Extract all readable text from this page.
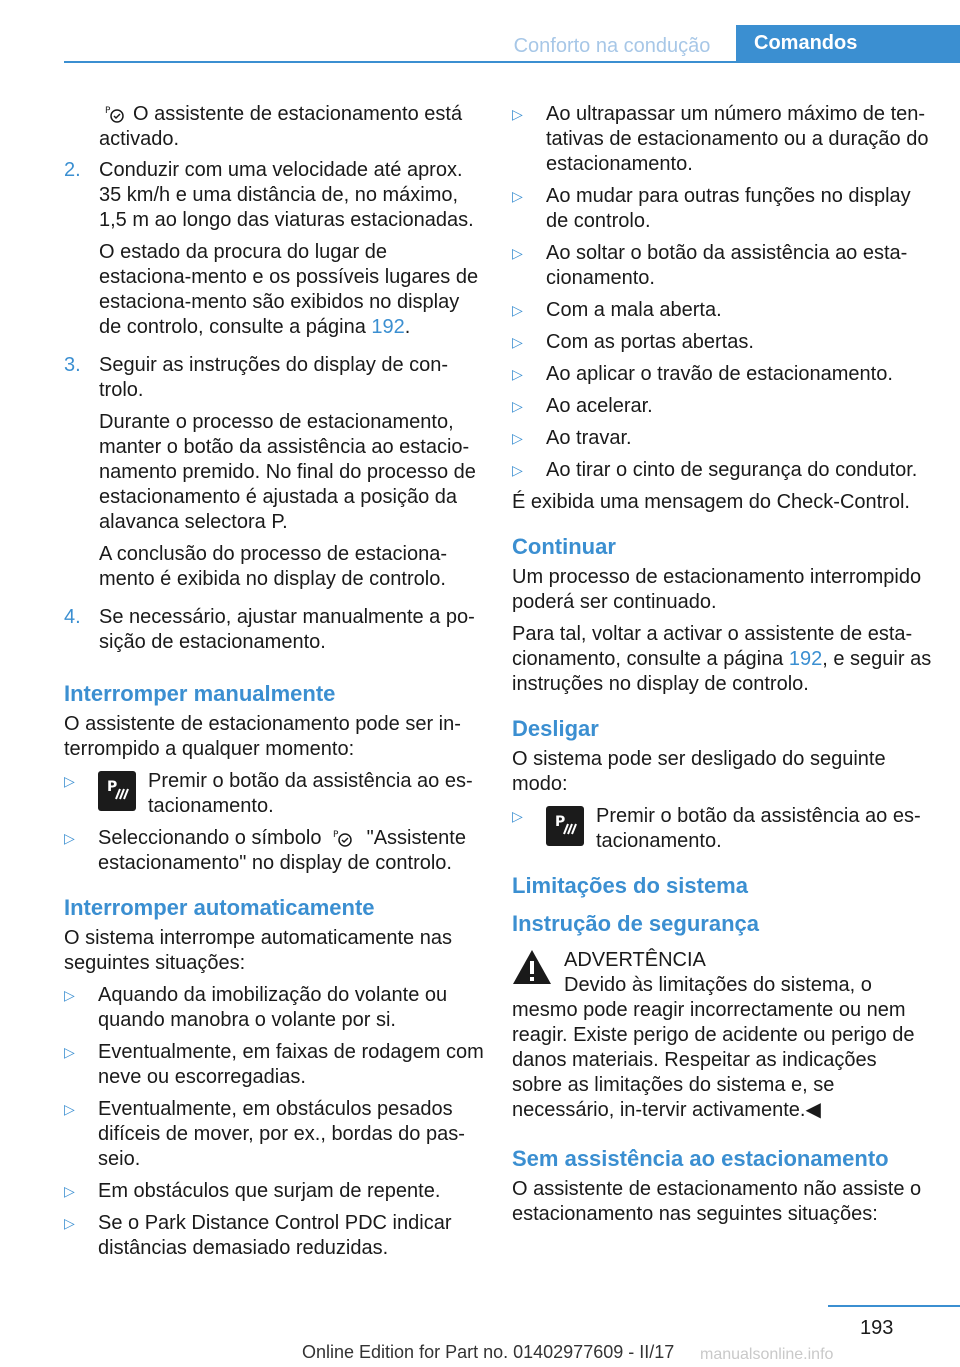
Conforto na condução	Comandos

P O assistente de estacionamento está activado.

2. Conduzir com uma velocidade até aprox. 35 km/h e uma distância de, no máximo, 1,5 m ao longo das viaturas estacionadas.

O estado da procura do lugar de estaciona-mento e os possíveis lugares de estaciona-mento são exibidos no display de controlo, consulte a página 192.

3. Seguir as instruções do display de con-trolo.

Durante o processo de estacionamento, manter o botão da assistência ao estacio-namento premido. No final do processo de estacionamento é ajustada a posição da alavanca selectora P.

A conclusão do processo de estaciona-mento é exibida no display de controlo.

4. Se necessário, ajustar manualmente a po-sição de estacionamento.

Interromper manualmente

O assistente de estacionamento pode ser in-terrompido a qualquer momento:

▷	P Premir o botão da assistência ao es-tacionamento.
▷	Seleccionando o símbolo P "Assistente estacionamento" no display de controlo.
Interromper automaticamente

O sistema interrompe automaticamente nas seguintes situações:

▷	Aquando da imobilização do volante ou quando manobra o volante por si.
▷	Eventualmente, em faixas de rodagem com neve ou escorregadias.
▷	Eventualmente, em obstáculos pesados difíceis de mover, por ex., bordas do pas-seio.
▷	Em obstáculos que surjam de repente.
▷	Se o Park Distance Control PDC indicar distâncias demasiado reduzidas.
▷	Ao ultrapassar um número máximo de ten-tativas de estacionamento ou a duração do estacionamento.
▷	Ao mudar para outras funções no display de controlo.
▷	Ao soltar o botão da assistência ao esta-cionamento.
▷	Com a mala aberta.
▷	Com as portas abertas.
▷	Ao aplicar o travão de estacionamento.
▷	Ao acelerar.
▷	Ao travar.
▷	Ao tirar o cinto de segurança do condutor.

É exibida uma mensagem do Check-Control.

Continuar

Um processo de estacionamento interrompido poderá ser continuado.

Para tal, voltar a activar o assistente de esta-cionamento, consulte a página 192, e seguir as instruções no display de controlo.

Desligar

O sistema pode ser desligado do seguinte modo:

▷	P Premir o botão da assistência ao es-tacionamento.
Limitações do sistema
Instrução de segurança
ADVERTÊNCIA
Devido às limitações do sistema, o

mesmo pode reagir incorrectamente ou nem reagir. Existe perigo de acidente ou perigo de danos materiais. Respeitar as indicações sobre as limitações do sistema e, se necessário, in-tervir activamente.◀

Sem assistência ao estacionamento

O assistente de estacionamento não assiste o estacionamento nas seguintes situações:

193
Online Edition for Part no. 01402977609 - II/17 manualsonline.info
